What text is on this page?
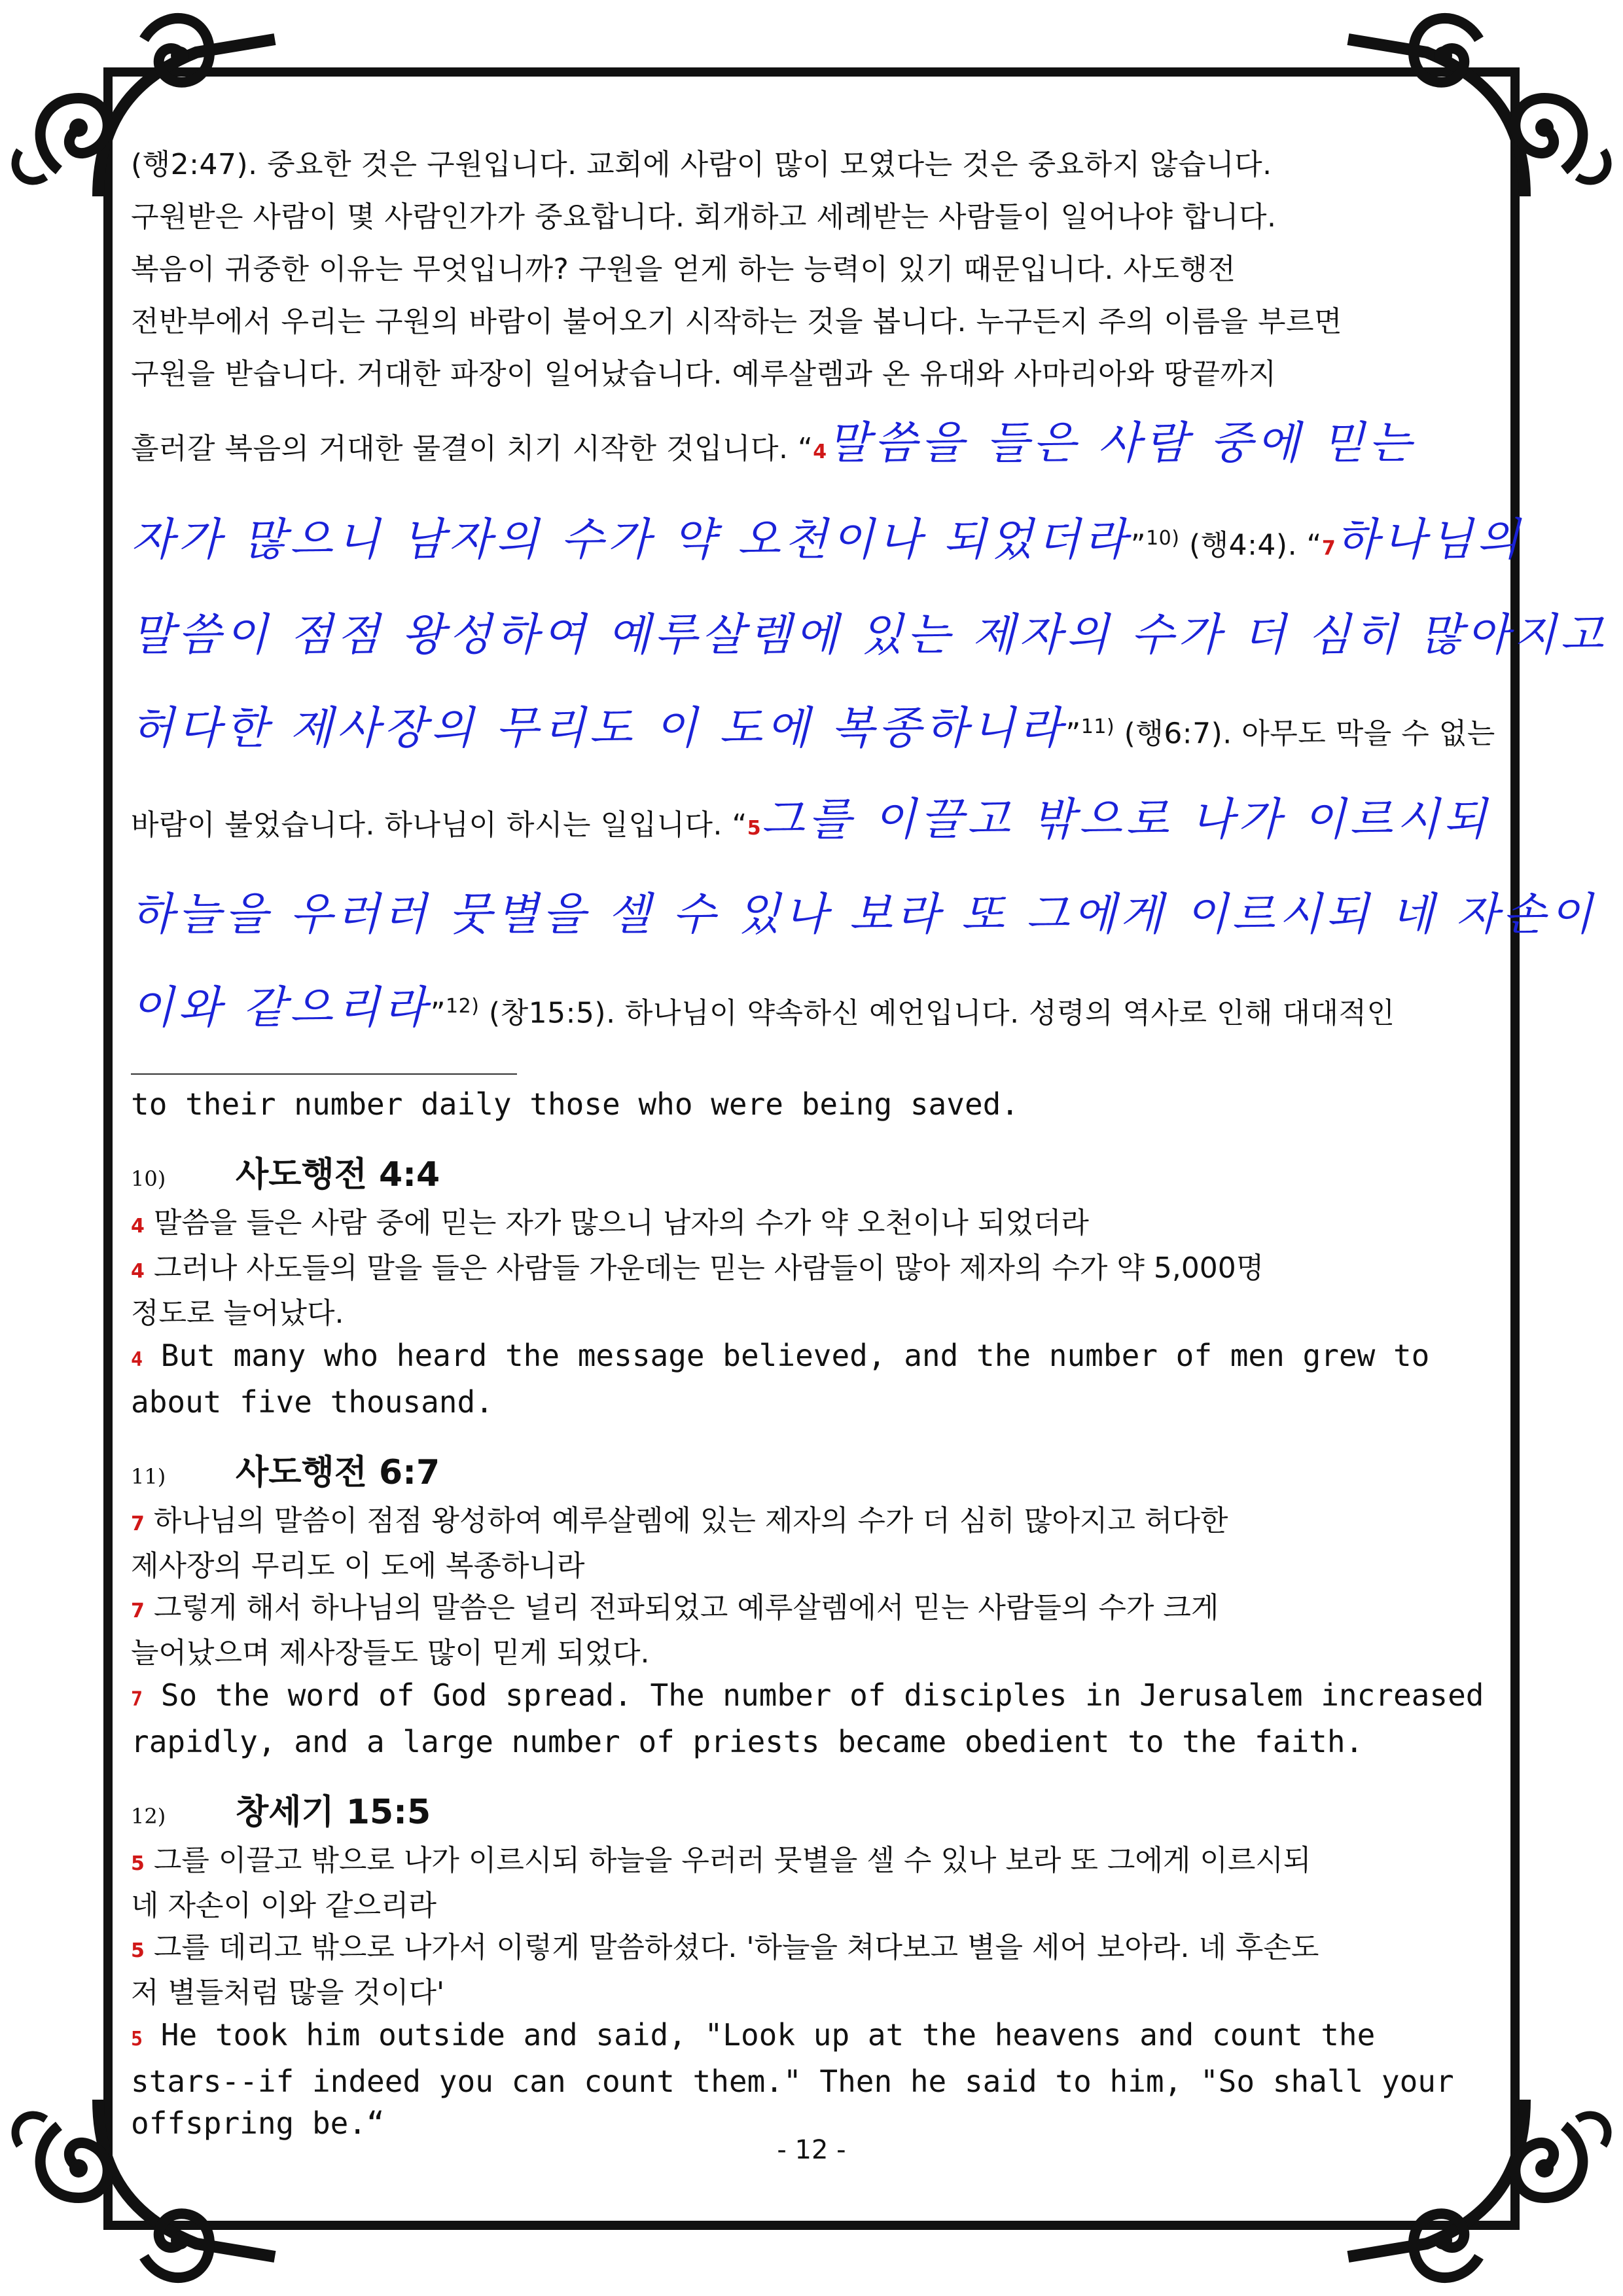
(행2:47). 중요한 것은 구원입니다. 교회에 사람이 많이 모였다는 것은 중요하지 않습니다.
구원받은 사람이 몇 사람인가가 중요합니다. 회개하고 세례받는 사람들이 일어나야 합니다.
복음이 귀중한 이유는 무엇입니까? 구원을 얻게 하는 능력이 있기 때문입니다. 사도행전
전반부에서 우리는 구원의 바람이 불어오기 시작하는 것을 봅니다. 누구든지 주의 이름을 부르면
구원을 받습니다. 거대한 파장이 일어났습니다. 예루살렘과 온 유대와 사마리아와 땅끝까지
흘러갈 복음의 거대한 물결이 치기 시작한 것입니다. “4말씀을 들은 사람 중에 믿는
자가 많으니 남자의 수가 약 오천이나 되었더라”$^{10)}$ (행4:4). “7하나님의
말씀이 점점 왕성하여 예루살렘에 있는 제자의 수가 더 심히 많아지고
허다한 제사장의 무리도 이 도에 복종하니라”$^{11)}$ (행6:7). 아무도 막을 수 없는
바람이 불었습니다. 하나님이 하시는 일입니다. “5그를 이끌고 밖으로 나가 이르시되
하늘을 우러러 뭇별을 셀 수 있나 보라 또 그에게 이르시되 네 자손이
이와 같으리라”$^{12)}$ (창15:5). 하나님이 약속하신 예언입니다. 성령의 역사로 인해 대대적인
to their number daily those who were being saved.
10) 사도행전 4:4
4 말씀을 들은 사람 중에 믿는 자가 많으니 남자의 수가 약 오천이나 되었더라
4 그러나 사도들의 말을 들은 사람들 가운데는 믿는 사람들이 많아 제자의 수가 약 5,000명
정도로 늘어났다.
4 But many who heard the message believed, and the number of men grew to
about five thousand.
11) 사도행전 6:7
7 하나님의 말씀이 점점 왕성하여 예루살렘에 있는 제자의 수가 더 심히 많아지고 허다한
제사장의 무리도 이 도에 복종하니라
7 그렇게 해서 하나님의 말씀은 널리 전파되었고 예루살렘에서 믿는 사람들의 수가 크게
늘어났으며 제사장들도 많이 믿게 되었다.
7 So the word of God spread. The number of disciples in Jerusalem increased
rapidly, and a large number of priests became obedient to the faith.
12) 창세기 15:5
5 그를 이끌고 밖으로 나가 이르시되 하늘을 우러러 뭇별을 셀 수 있나 보라 또 그에게 이르시되
네 자손이 이와 같으리라
5 그를 데리고 밖으로 나가서 이렇게 말씀하셨다. '하늘을 쳐다보고 별을 세어 보아라. 네 후손도
저 별들처럼 많을 것이다'
5 He took him outside and said, "Look up at the heavens and count the
stars--if indeed you can count them." Then he said to him, "So shall your
offspring be.“
- 12 -
